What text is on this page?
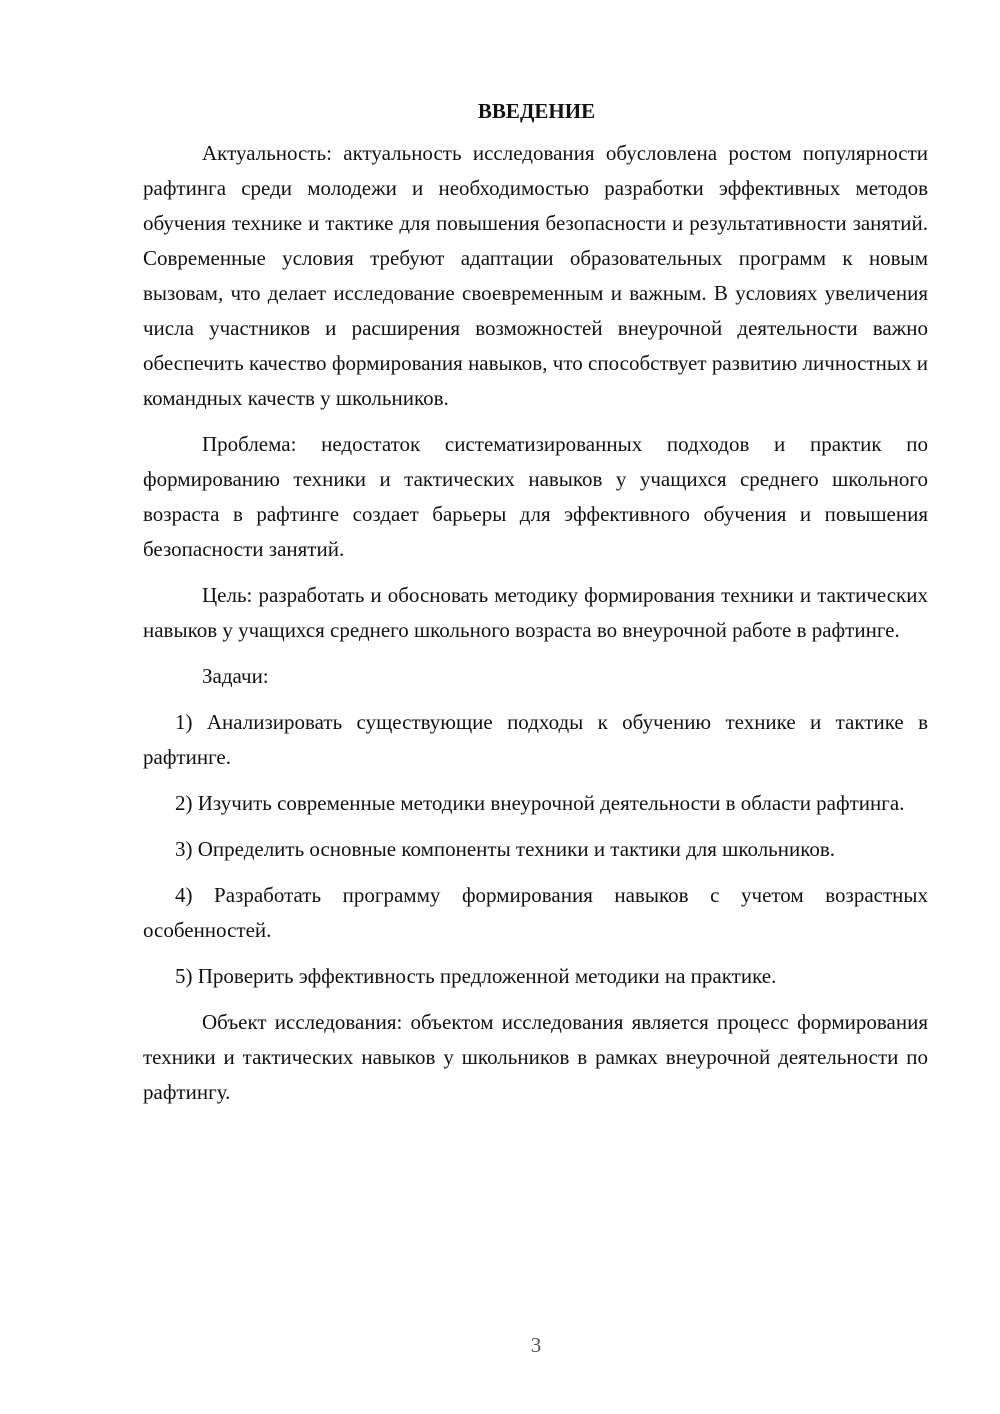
ВВЕДЕНИЕ

Актуальность: актуальность исследования обусловлена ростом популярности рафтинга среди молодежи и необходимостью разработки эффективных методов обучения технике и тактике для повышения безопасности и результативности занятий. Современные условия требуют адаптации образовательных программ к новым вызовам, что делает исследование своевременным и важным. В условиях увеличения числа участников и расширения возможностей внеурочной деятельности важно обеспечить качество формирования навыков, что способствует развитию личностных и командных качеств у школьников.

Проблема: недостаток систематизированных подходов и практик по формированию техники и тактических навыков у учащихся среднего школьного возраста в рафтинге создает барьеры для эффективного обучения и повышения безопасности занятий.

Цель: разработать и обосновать методику формирования техники и тактических навыков у учащихся среднего школьного возраста во внеурочной работе в рафтинге.

Задачи:

1) Анализировать существующие подходы к обучению технике и тактике в рафтинге.

2) Изучить современные методики внеурочной деятельности в области рафтинга.

3) Определить основные компоненты техники и тактики для школьников.

4) Разработать программу формирования навыков с учетом возрастных особенностей.

5) Проверить эффективность предложенной методики на практике.

Объект исследования: объектом исследования является процесс формирования техники и тактических навыков у школьников в рамках внеурочной деятельности по рафтингу.

3
